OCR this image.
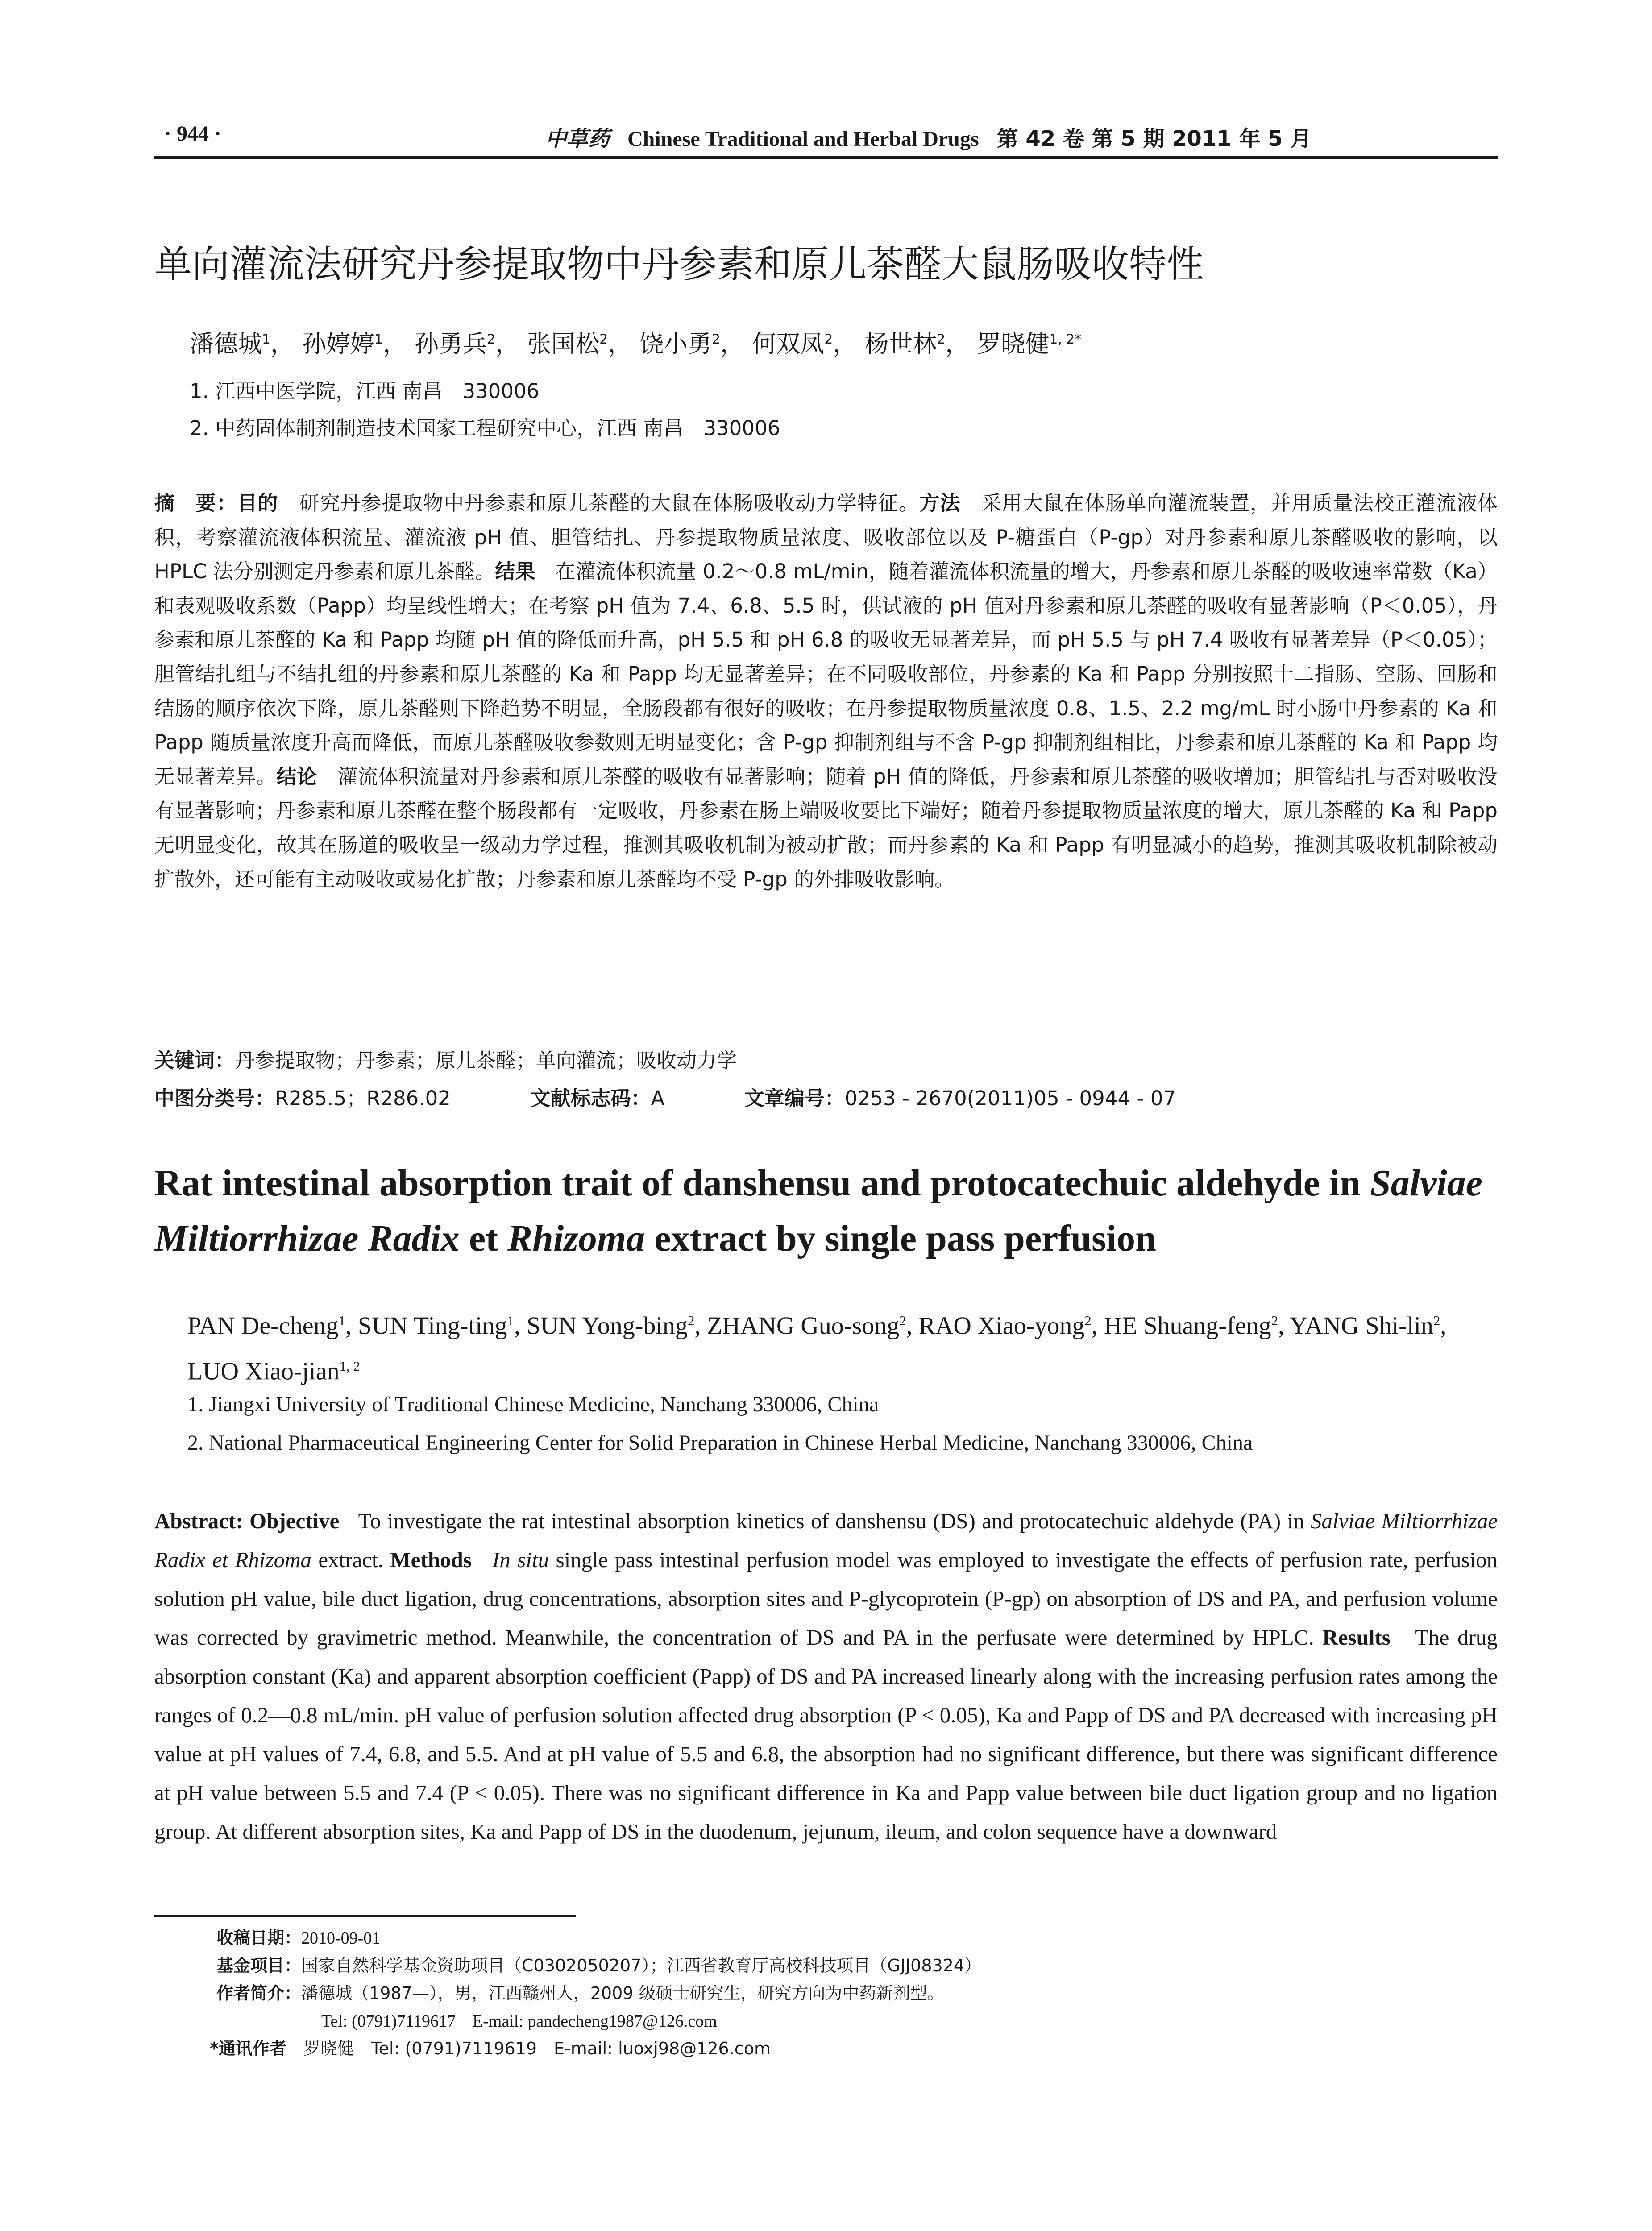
· 944 ·	中草药 Chinese Traditional and Herbal Drugs 第 42 卷 第 5 期 2011 年 5 月
单向灌流法研究丹参提取物中丹参素和原儿茶醛大鼠肠吸收特性
潘德城$^1$， 孙婷婷$^1$， 孙勇兵$^2$， 张国松$^2$， 饶小勇$^2$， 何双凤$^2$， 杨世林$^2$， 罗晓健$^{1, 2*}$
1. 江西中医学院，江西 南昌　330006
2. 中药固体制剂制造技术国家工程研究中心，江西 南昌　330006
摘　要：目的　 研究丹参提取物中丹参素和原儿茶醛的大鼠在体肠吸收动力学特征。方法　 采用大鼠在体肠单向灌流装置，并用质量法校正灌流液体积，考察灌流液体积流量、灌流液 pH 值、胆管结扎、丹参提取物质量浓度、吸收部位以及 P-糖蛋白（P-gp）对丹参素和原儿茶醛吸收的影响，以 HPLC 法分别测定丹参素和原儿茶醛。结果　 在灌流体积流量 0.2～0.8 mL/min，随着灌流体积流量的增大，丹参素和原儿茶醛的吸收速率常数（Ka）和表观吸收系数（Papp）均呈线性增大；在考察 pH 值为 7.4、6.8、5.5 时，供试液的 pH 值对丹参素和原儿茶醛的吸收有显著影响（P＜0.05），丹参素和原儿茶醛的 Ka 和 Papp 均随 pH 值的降低而升高，pH 5.5 和 pH 6.8 的吸收无显著差异，而 pH 5.5 与 pH 7.4 吸收有显著差异（P＜0.05）；胆管结扎组与不结扎组的丹参素和原儿茶醛的 Ka 和 Papp 均无显著差异；在不同吸收部位，丹参素的 Ka 和 Papp 分别按照十二指肠、空肠、回肠和结肠的顺序依次下降，原儿茶醛则下降趋势不明显，全肠段都有很好的吸收；在丹参提取物质量浓度 0.8、1.5、2.2 mg/mL 时小肠中丹参素的 Ka 和 Papp 随质量浓度升高而降低，而原儿茶醛吸收参数则无明显变化；含 P-gp 抑制剂组与不含 P-gp 抑制剂组相比，丹参素和原儿茶醛的 Ka 和 Papp 均无显著差异。结论　 灌流体积流量对丹参素和原儿茶醛的吸收有显著影响；随着 pH 值的降低，丹参素和原儿茶醛的吸收增加；胆管结扎与否对吸收没有显著影响；丹参素和原儿茶醛在整个肠段都有一定吸收，丹参素在肠上端吸收要比下端好；随着丹参提取物质量浓度的增大，原儿茶醛的 Ka 和 Papp 无明显变化，故其在肠道的吸收呈一级动力学过程，推测其吸收机制为被动扩散；而丹参素的 Ka 和 Papp 有明显减小的趋势，推测其吸收机制除被动扩散外，还可能有主动吸收或易化扩散；丹参素和原儿茶醛均不受 P-gp 的外排吸收影响。
关键词：丹参提取物；丹参素；原儿茶醛；单向灌流；吸收动力学
中图分类号：R285.5；R286.02	文献标志码：A	文章编号：0253 - 2670(2011)05 - 0944 - 07
Rat intestinal absorption trait of danshensu and protocatechuic aldehyde in Salviae
Miltiorrhizae Radix et Rhizoma extract by single pass perfusion
PAN De-cheng$^1$, SUN Ting-ting$^1$, SUN Yong-bing$^2$, ZHANG Guo-song$^2$, RAO Xiao-yong$^2$, HE Shuang-feng$^2$, YANG Shi-lin$^2$, LUO Xiao-jian$^{1, 2}$
1. Jiangxi University of Traditional Chinese Medicine, Nanchang 330006, China
2. National Pharmaceutical Engineering Center for Solid Preparation in Chinese Herbal Medicine, Nanchang 330006, China
Abstract: Objective To investigate the rat intestinal absorption kinetics of danshensu (DS) and protocatechuic aldehyde (PA) in Salviae Miltiorrhizae Radix et Rhizoma extract. Methods In situ single pass intestinal perfusion model was employed to investigate the effects of perfusion rate, perfusion solution pH value, bile duct ligation, drug concentrations, absorption sites and P-glycoprotein (P-gp) on absorption of DS and PA, and perfusion volume was corrected by gravimetric method. Meanwhile, the concentration of DS and PA in the perfusate were determined by HPLC. Results The drug absorption constant (Ka) and apparent absorption coefficient (Papp) of DS and PA increased linearly along with the increasing perfusion rates among the ranges of 0.2—0.8 mL/min. pH value of perfusion solution affected drug absorption (P < 0.05), Ka and Papp of DS and PA decreased with increasing pH value at pH values of 7.4, 6.8, and 5.5. And at pH value of 5.5 and 6.8, the absorption had no significant difference, but there was significant difference at pH value between 5.5 and 7.4 (P < 0.05). There was no significant difference in Ka and Papp value between bile duct ligation group and no ligation group. At different absorption sites, Ka and Papp of DS in the duodenum, jejunum, ileum, and colon sequence have a downward
收稿日期：2010-09-01
基金项目：国家自然科学基金资助项目（C0302050207）；江西省教育厅高校科技项目（GJJ08324）
作者简介：潘德城（1987—），男，江西赣州人，2009 级硕士研究生，研究方向为中药新剂型。
Tel: (0791)7119617　E-mail: pandecheng1987@126.com
*通讯作者　 罗晓健　Tel: (0791)7119619　E-mail: luoxj98@126.com
